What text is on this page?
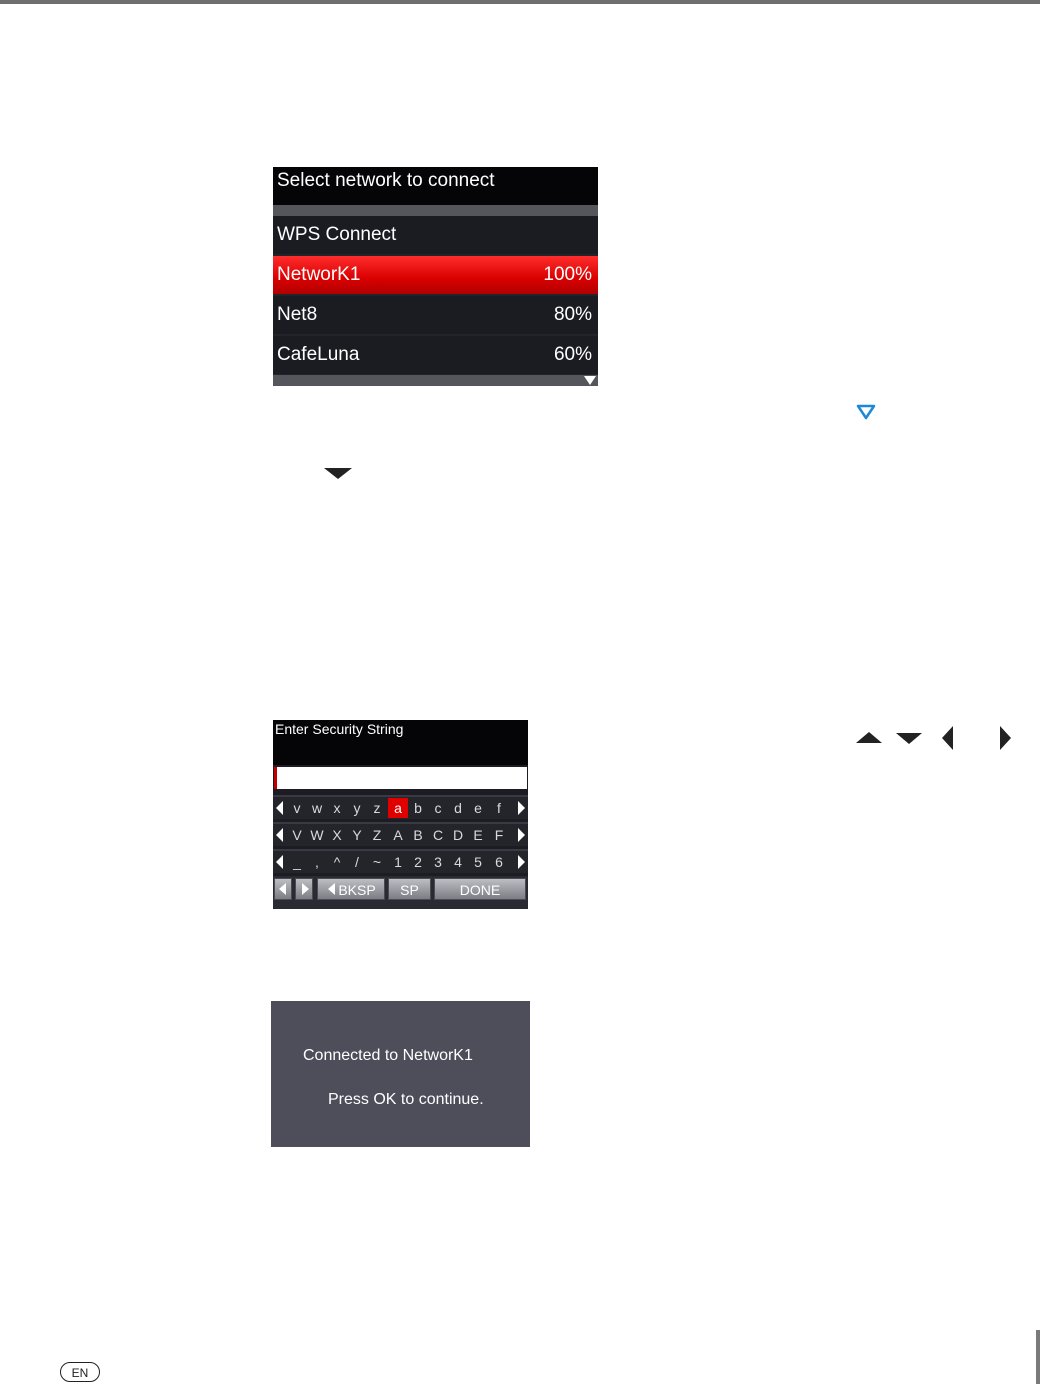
Select network to connect
WPS Connect
NetworK1	100%
Net8	80%
CafeLuna	60%
Enter Security String
v w x y z a b c d e	f
V W X Y Z A B C D E F
_	,	^	/ ~ 1 2 3 4 5 6
BKSP	SP	DONE
Connected to NetworK1
Press OK to continue.
EN
